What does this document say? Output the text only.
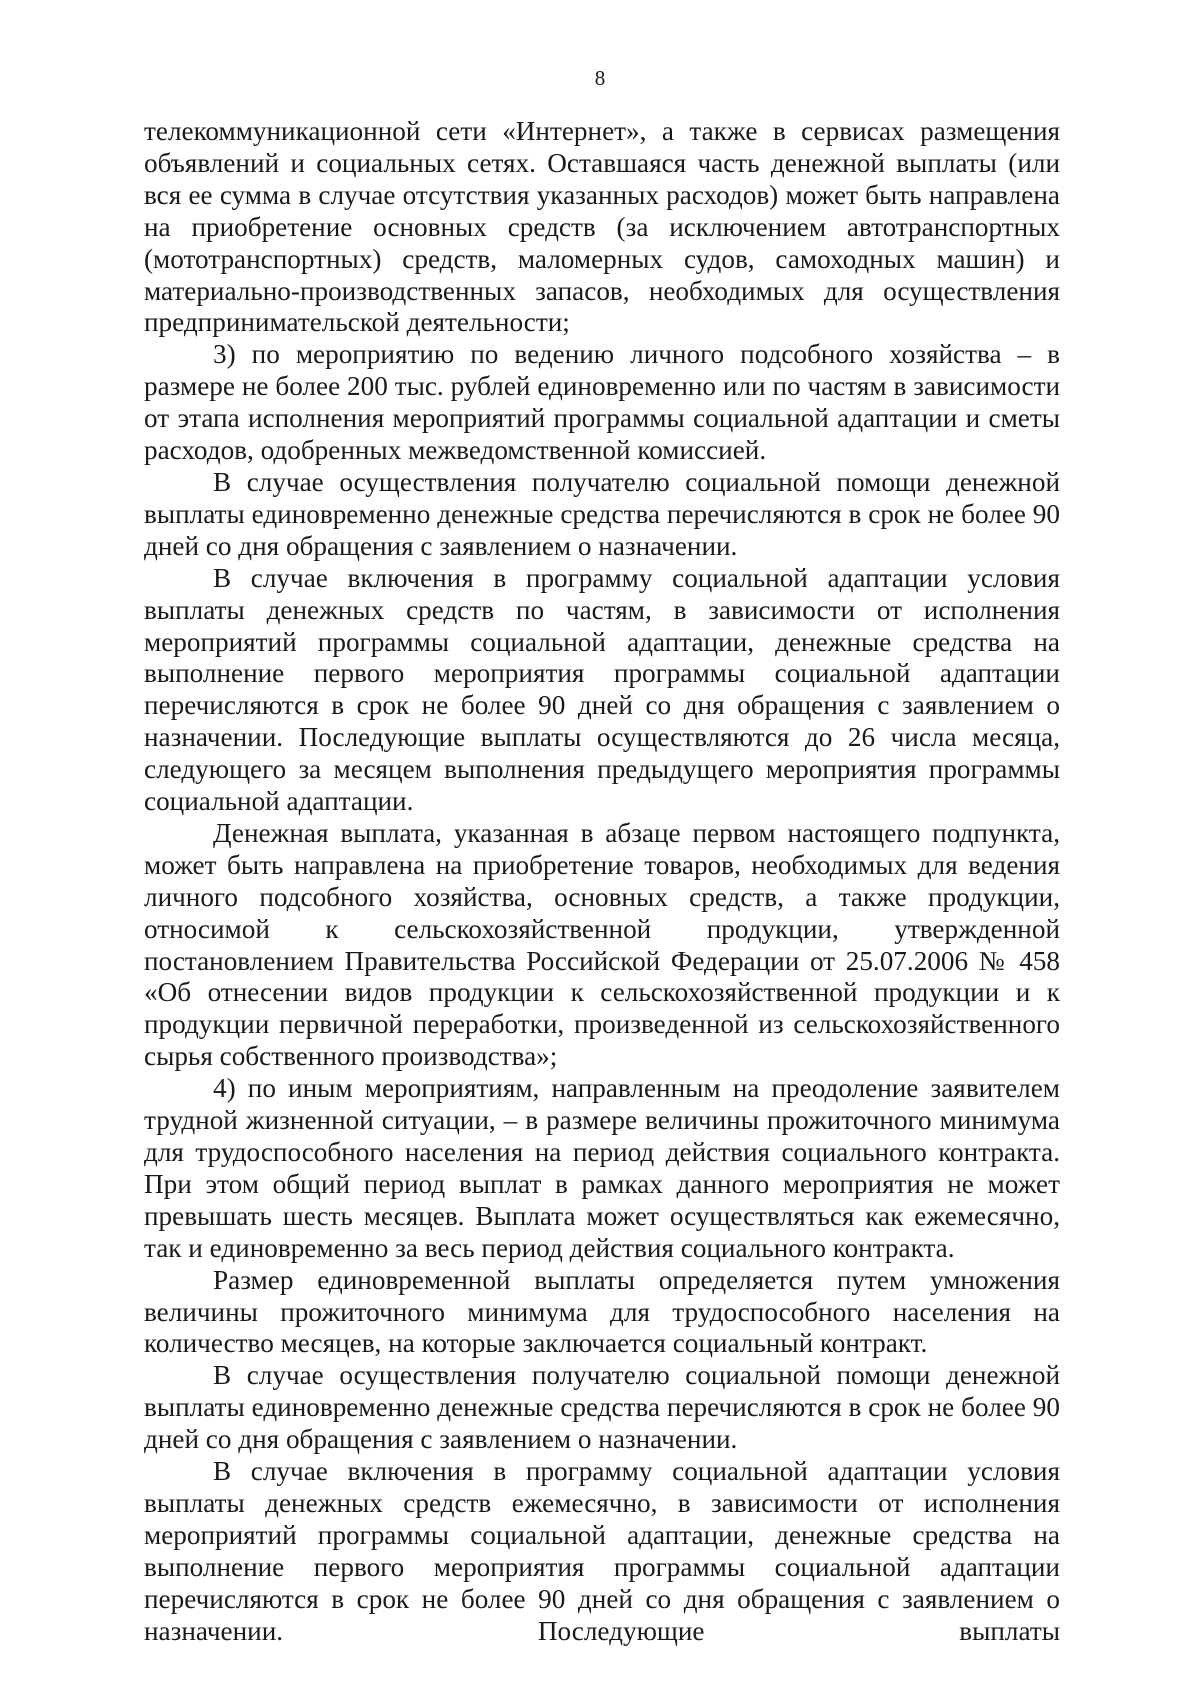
8

телекоммуникационной сети «Интернет», а также в сервисах размещения объявлений и социальных сетях. Оставшаяся часть денежной выплаты (или вся ее сумма в случае отсутствия указанных расходов) может быть направлена на приобретение основных средств (за исключением автотранспортных (мототранспортных) средств, маломерных судов, самоходных машин) и материально-производственных запасов, необходимых для осуществления предпринимательской деятельности;

3) по мероприятию по ведению личного подсобного хозяйства – в размере не более 200 тыс. рублей единовременно или по частям в зависимости от этапа исполнения мероприятий программы социальной адаптации и сметы расходов, одобренных межведомственной комиссией.

В случае осуществления получателю социальной помощи денежной выплаты единовременно денежные средства перечисляются в срок не более 90 дней со дня обращения с заявлением о назначении.

В случае включения в программу социальной адаптации условия выплаты денежных средств по частям, в зависимости от исполнения мероприятий программы социальной адаптации, денежные средства на выполнение первого мероприятия программы социальной адаптации перечисляются в срок не более 90 дней со дня обращения с заявлением о назначении. Последующие выплаты осуществляются до 26 числа месяца, следующего за месяцем выполнения предыдущего мероприятия программы социальной адаптации.

Денежная выплата, указанная в абзаце первом настоящего подпункта, может быть направлена на приобретение товаров, необходимых для ведения личного подсобного хозяйства, основных средств, а также продукции, относимой к сельскохозяйственной продукции, утвержденной постановлением Правительства Российской Федерации от 25.07.2006 № 458 «Об отнесении видов продукции к сельскохозяйственной продукции и к продукции первичной переработки, произведенной из сельскохозяйственного сырья собственного производства»;

4) по иным мероприятиям, направленным на преодоление заявителем трудной жизненной ситуации, – в размере величины прожиточного минимума для трудоспособного населения на период действия социального контракта. При этом общий период выплат в рамках данного мероприятия не может превышать шесть месяцев. Выплата может осуществляться как ежемесячно, так и единовременно за весь период действия социального контракта.

Размер единовременной выплаты определяется путем умножения величины прожиточного минимума для трудоспособного населения на количество месяцев, на которые заключается социальный контракт.

В случае осуществления получателю социальной помощи денежной выплаты единовременно денежные средства перечисляются в срок не более 90 дней со дня обращения с заявлением о назначении.

В случае включения в программу социальной адаптации условия выплаты денежных средств ежемесячно, в зависимости от исполнения мероприятий программы социальной адаптации, денежные средства на выполнение первого мероприятия программы социальной адаптации перечисляются в срок не более 90 дней со дня обращения с заявлением о назначении. Последующие выплаты
